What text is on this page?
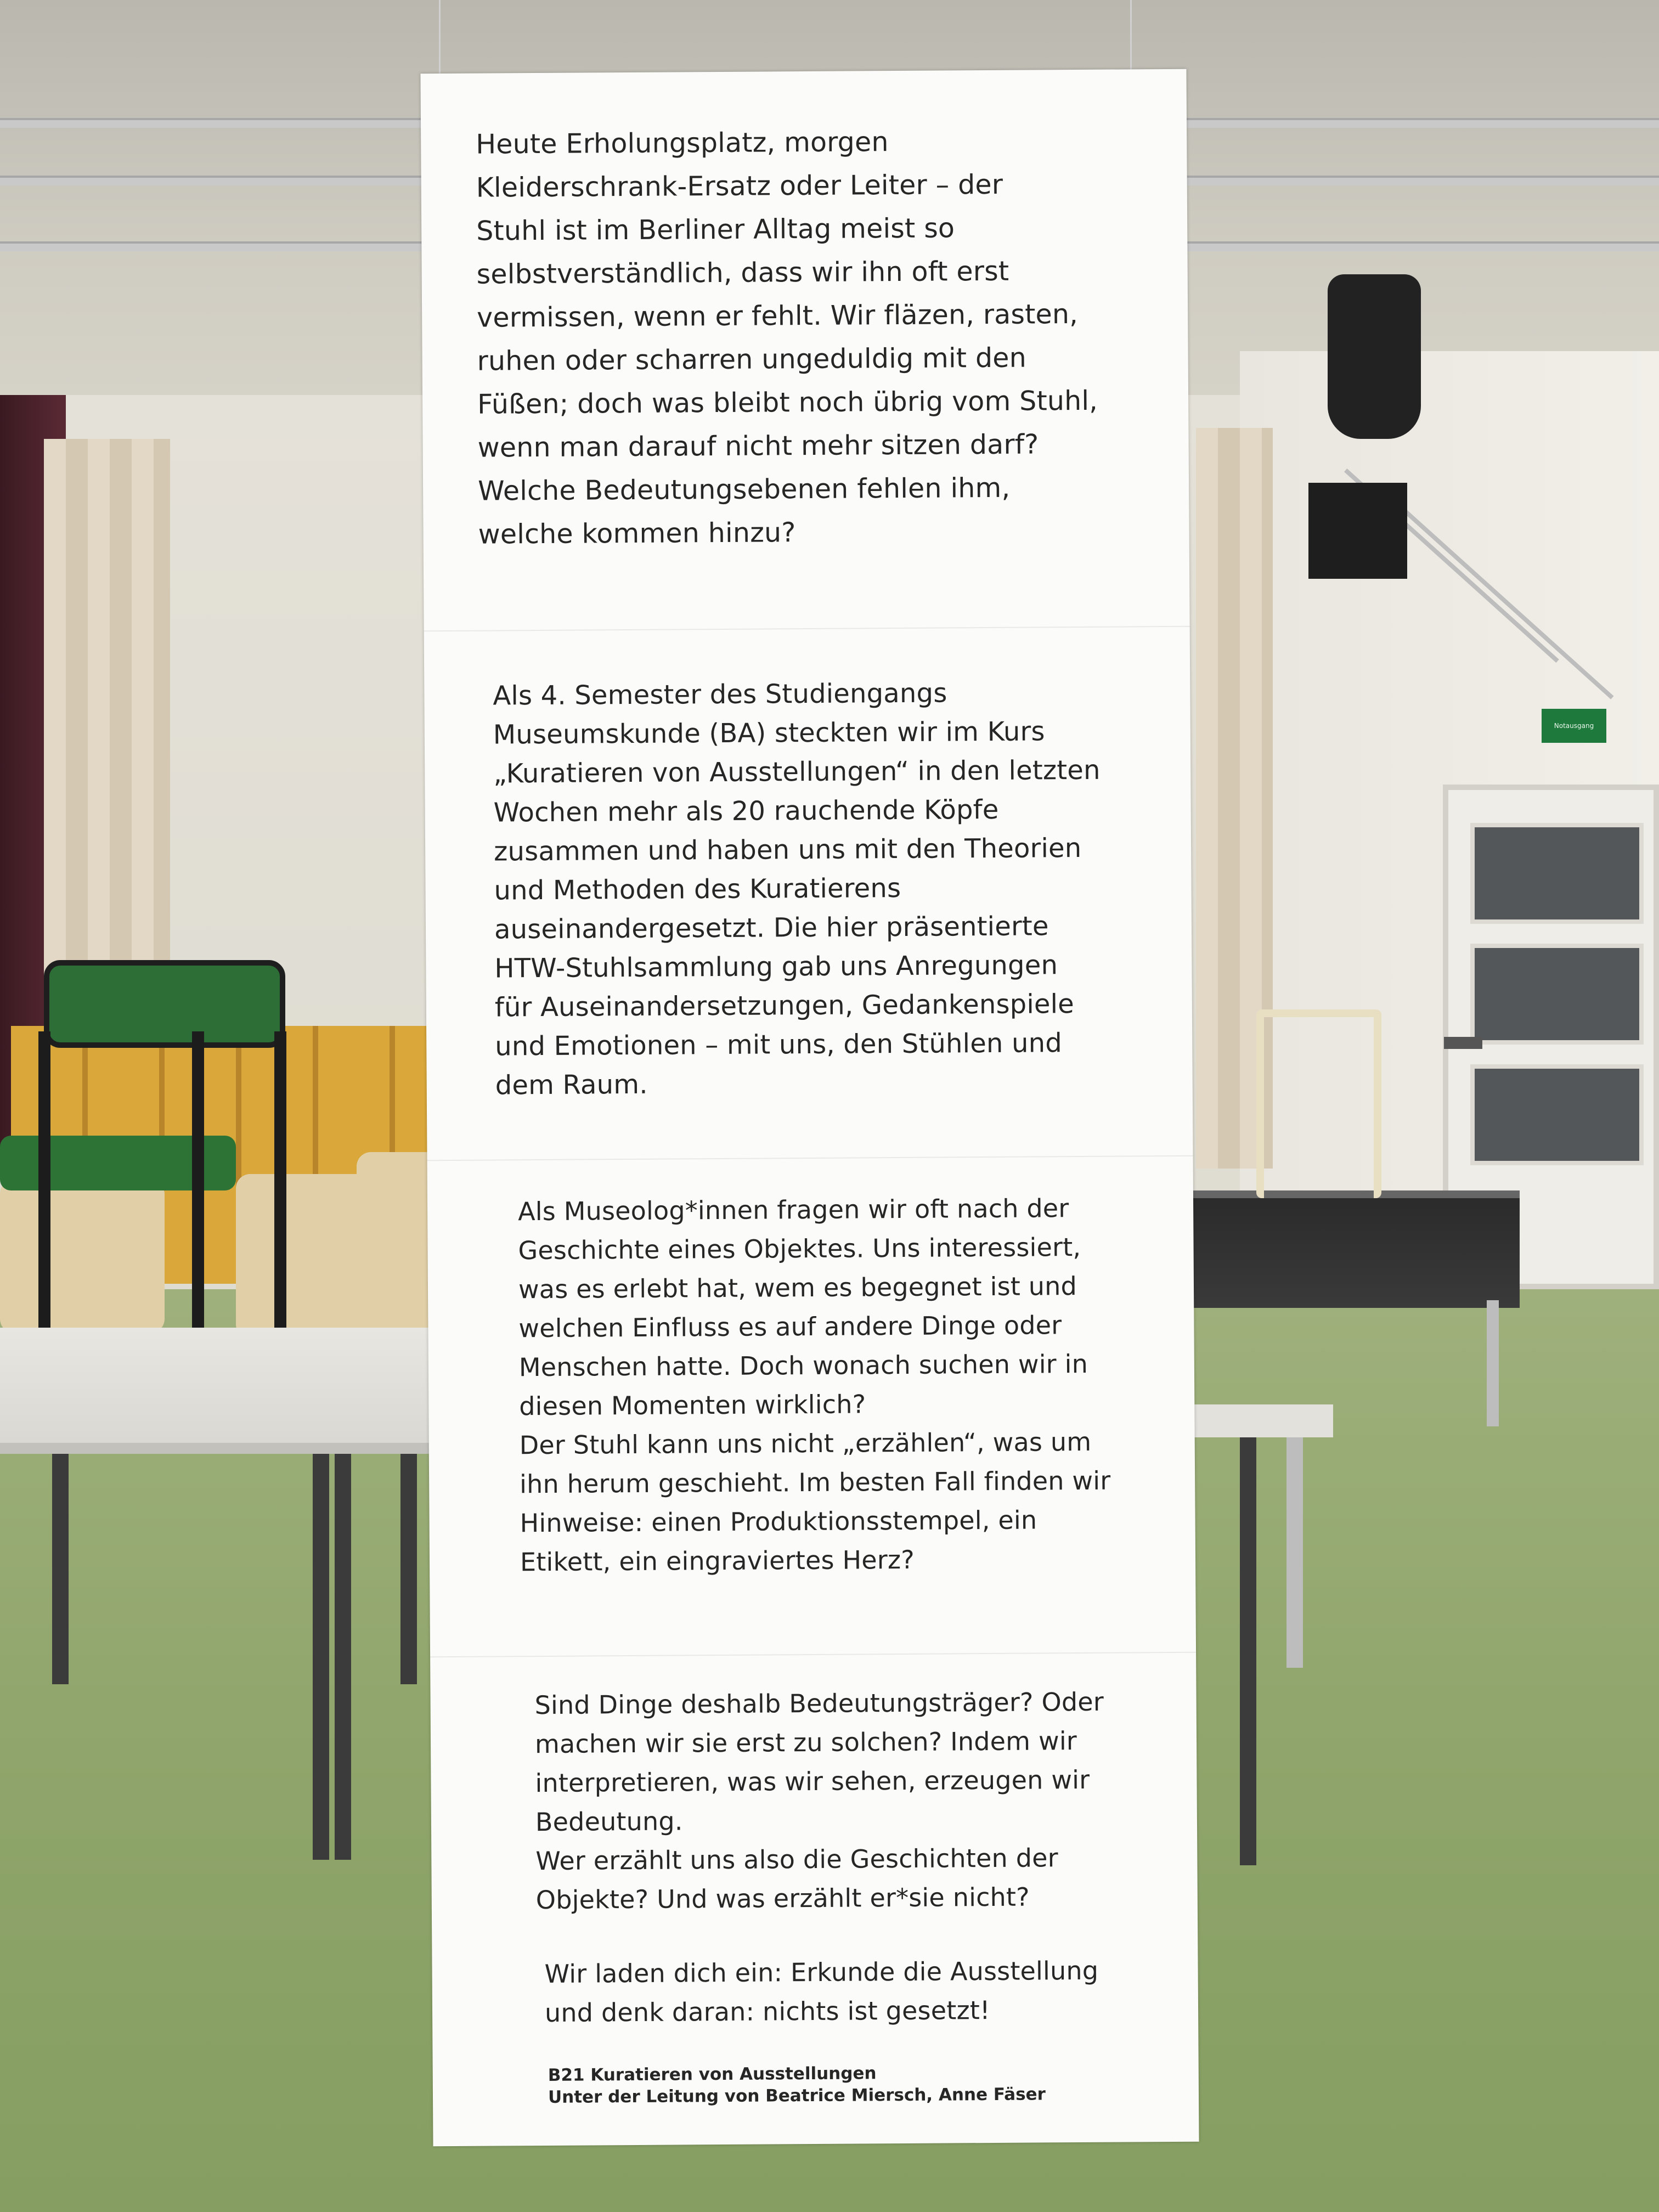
Notausgang

Heute Erholungsplatz, morgen
Kleiderschrank-Ersatz oder Leiter – der
Stuhl ist im Berliner Alltag meist so
selbstverständlich, dass wir ihn oft erst
vermissen, wenn er fehlt. Wir fläzen, rasten,
ruhen oder scharren ungeduldig mit den
Füßen; doch was bleibt noch übrig vom Stuhl,
wenn man darauf nicht mehr sitzen darf?
Welche Bedeutungsebenen fehlen ihm,
welche kommen hinzu?

Als 4. Semester des Studiengangs
Museumskunde (BA) steckten wir im Kurs
„Kuratieren von Ausstellungen“ in den letzten
Wochen mehr als 20 rauchende Köpfe
zusammen und haben uns mit den Theorien
und Methoden des Kuratierens
auseinandergesetzt. Die hier präsentierte
HTW-Stuhlsammlung gab uns Anregungen
für Auseinandersetzungen, Gedankenspiele
und Emotionen – mit uns, den Stühlen und
dem Raum.

Als Museolog*innen fragen wir oft nach der
Geschichte eines Objektes. Uns interessiert,
was es erlebt hat, wem es begegnet ist und
welchen Einfluss es auf andere Dinge oder
Menschen hatte. Doch wonach suchen wir in
diesen Momenten wirklich?
Der Stuhl kann uns nicht „erzählen“, was um
ihn herum geschieht. Im besten Fall finden wir
Hinweise: einen Produktionsstempel, ein
Etikett, ein eingraviertes Herz?

Sind Dinge deshalb Bedeutungsträger? Oder
machen wir sie erst zu solchen? Indem wir
interpretieren, was wir sehen, erzeugen wir
Bedeutung.
Wer erzählt uns also die Geschichten der
Objekte? Und was erzählt er*sie nicht?

Wir laden dich ein: Erkunde die Ausstellung
und denk daran: nichts ist gesetzt!

B21 Kuratieren von Ausstellungen
Unter der Leitung von Beatrice Miersch, Anne Fäser
